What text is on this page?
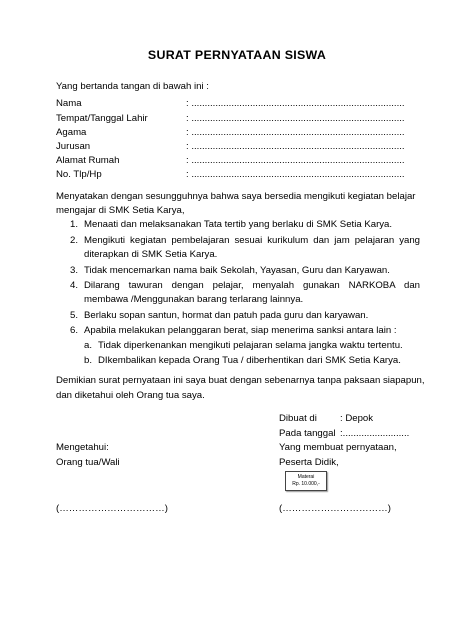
SURAT PERNYATAAN SISWA
Yang bertanda tangan di bawah ini :
Nama	: ................................................................................
Tempat/Tanggal Lahir	: ................................................................................
Agama	: ................................................................................
Jurusan	: ................................................................................
Alamat Rumah	: ................................................................................
No. Tlp/Hp	: ................................................................................
Menyatakan dengan sesungguhnya bahwa saya bersedia mengikuti kegiatan belajar
mengajar di SMK Setia Karya,
1. Menaati dan melaksanakan Tata tertib yang berlaku di SMK Setia Karya.
2. Mengikuti kegiatan pembelajaran sesuai kurikulum dan jam pelajaran yang
diterapkan di SMK Setia Karya.
3. Tidak mencemarkan nama baik Sekolah, Yayasan, Guru dan Karyawan.
4. Dilarang tawuran dengan pelajar, menyalah gunakan NARKOBA dan
membawa /Menggunakan barang terlarang lainnya.
5. Berlaku sopan santun, hormat dan patuh pada guru dan karyawan.
6. Apabila melakukan pelanggaran berat, siap menerima sanksi antara lain :
a. Tidak diperkenankan mengikuti pelajaran selama jangka waktu tertentu.
b. DIkembalikan kepada Orang Tua / diberhentikan dari SMK Setia Karya.
Demikian surat pernyataan ini saya buat dengan sebenarnya tanpa paksaan siapapun,
dan diketahui oleh Orang tua saya.
Dibuat di : Depok
Pada tanggal :.........................
Mengetahui:	Yang membuat pernyataan,
Orang tua/Wali	Peserta Didik,
Materai
Rp. 10.000,-
(……………………………)	(……………………………)
